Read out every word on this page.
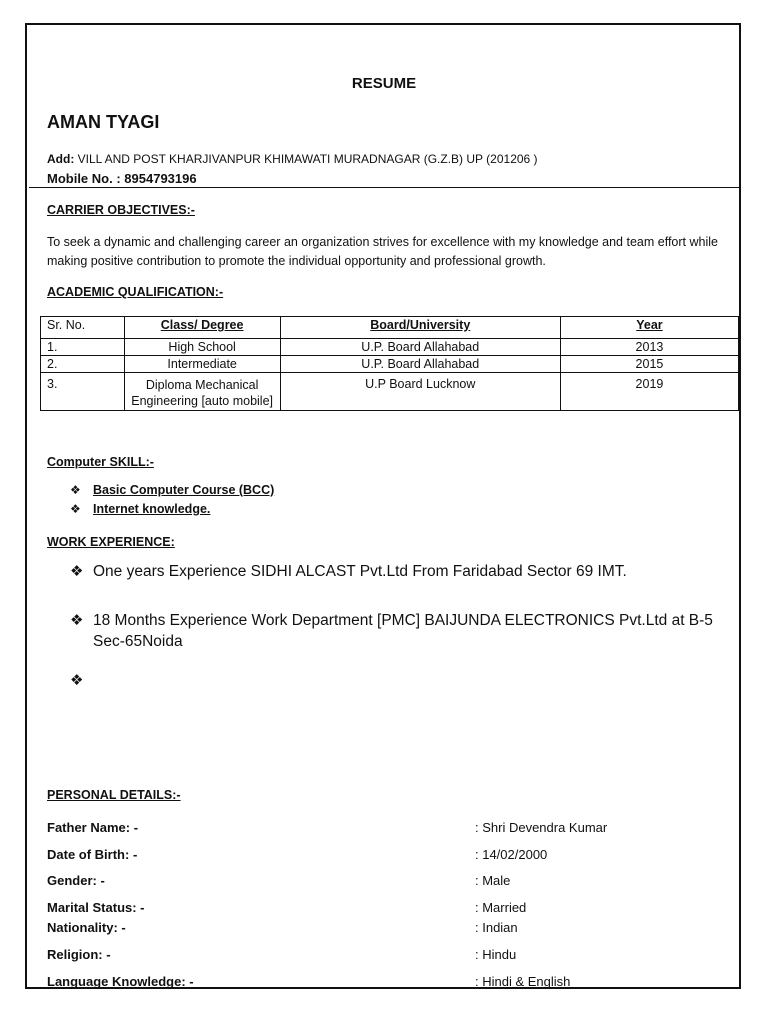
RESUME
AMAN TYAGI
Add: VILL AND POST KHARJIVANPUR KHIMAWATI MURADNAGAR (G.Z.B) UP (201206 )
Mobile No. : 8954793196
CARRIER OBJECTIVES:-
To seek a dynamic and challenging career an organization strives for excellence with my knowledge and team effort while making positive contribution to promote the individual opportunity and professional growth.
ACADEMIC QUALIFICATION:-
Sr. No.	Class/ Degree	Board/University	Year
1.	High School	U.P. Board Allahabad	2013
2.	Intermediate	U.P. Board Allahabad	2015
3.	Diploma Mechanical Engineering [auto mobile]	U.P Board Lucknow	2019
Computer SKILL:-
❖ Basic Computer Course (BCC)
❖ Internet knowledge.
WORK EXPERIENCE:
❖ One years Experience SIDHI ALCAST Pvt.Ltd From Faridabad Sector 69 IMT.
❖ 18 Months Experience Work Department [PMC] BAIJUNDA ELECTRONICS Pvt.Ltd at B-5 Sec-65Noida
❖
PERSONAL DETAILS:-
Father Name: -	: Shri Devendra Kumar
Date of Birth: -	: 14/02/2000
Gender: -	: Male
Marital Status: -	: Married
Nationality: -	: Indian
Religion: -	: Hindu
Language Knowledge: -	: Hindi & English
